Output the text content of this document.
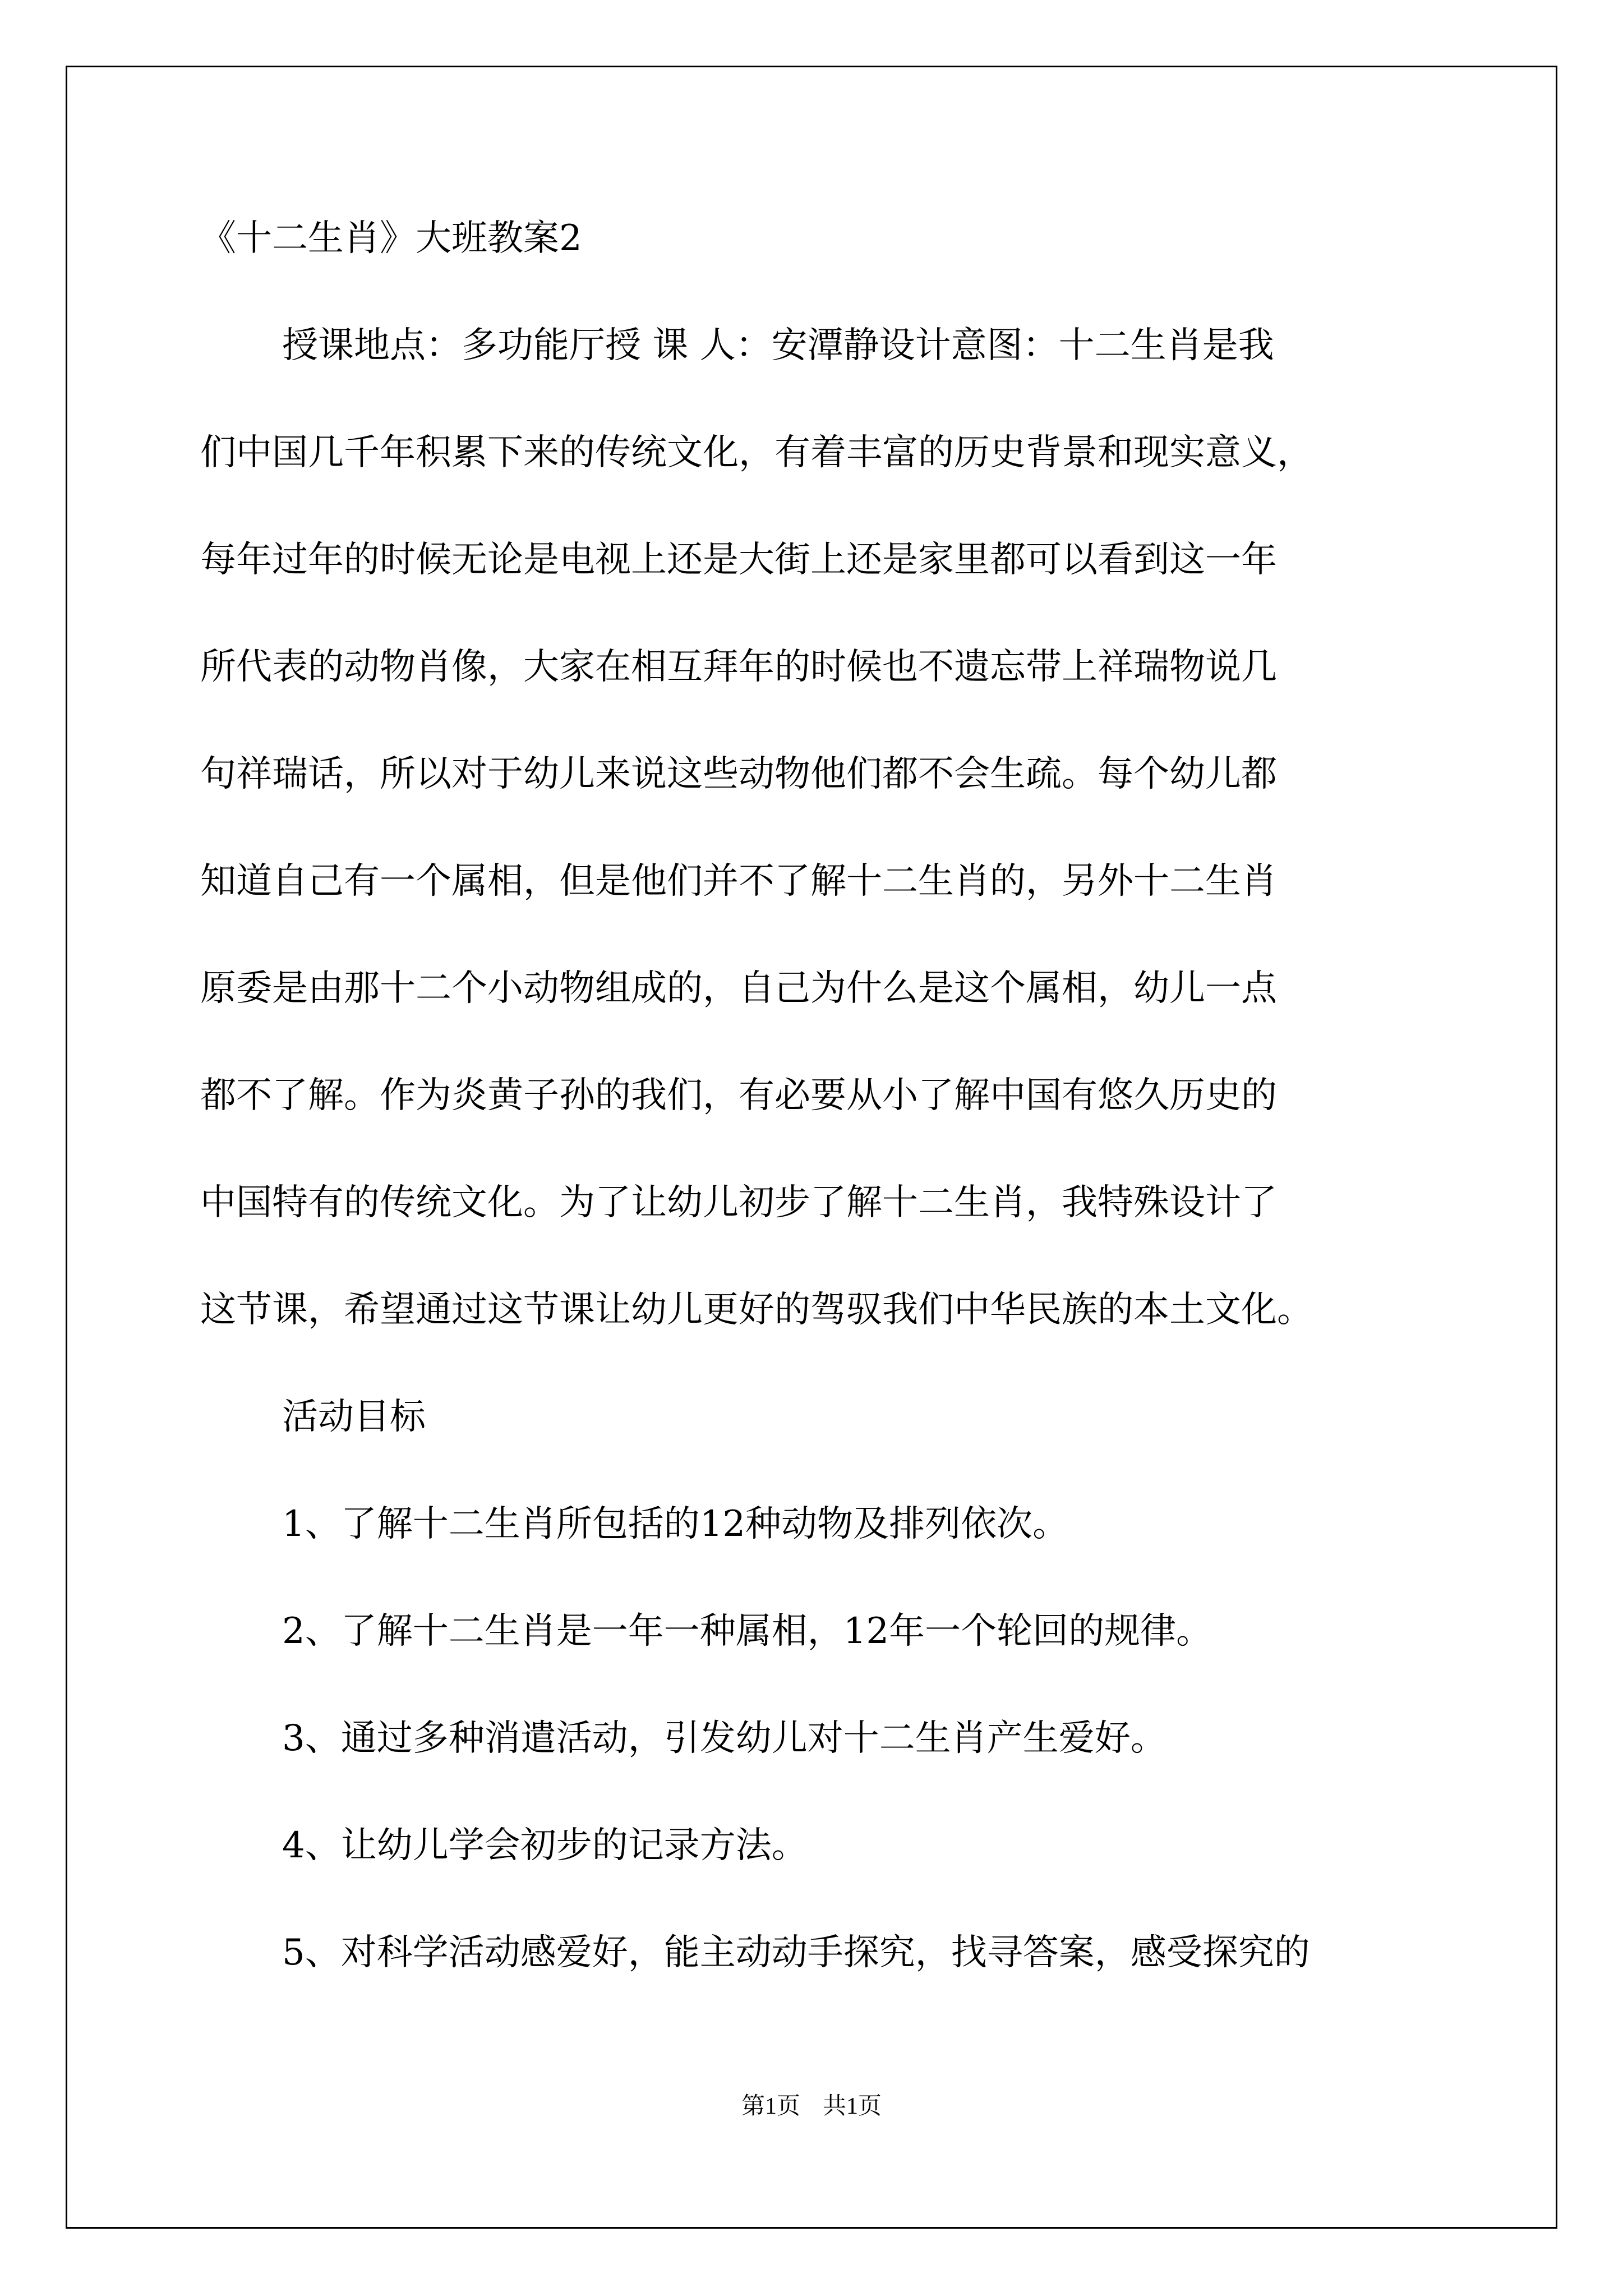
《十二生肖》大班教案2

授课地点：多功能厅授 课 人：安潭静设计意图：十二生肖是我
们中国几千年积累下来的传统文化，有着丰富的历史背景和现实意义，
每年过年的时候无论是电视上还是大街上还是家里都可以看到这一年
所代表的动物肖像，大家在相互拜年的时候也不遗忘带上祥瑞物说几
句祥瑞话，所以对于幼儿来说这些动物他们都不会生疏。每个幼儿都
知道自己有一个属相，但是他们并不了解十二生肖的，另外十二生肖
原委是由那十二个小动物组成的，自己为什么是这个属相，幼儿一点
都不了解。作为炎黄子孙的我们，有必要从小了解中国有悠久历史的
中国特有的传统文化。为了让幼儿初步了解十二生肖，我特殊设计了
这节课，希望通过这节课让幼儿更好的驾驭我们中华民族的本土文化。

活动目标

1、了解十二生肖所包括的12种动物及排列依次。

2、了解十二生肖是一年一种属相，12年一个轮回的规律。

3、通过多种消遣活动，引发幼儿对十二生肖产生爱好。

4、让幼儿学会初步的记录方法。

5、对科学活动感爱好，能主动动手探究，找寻答案，感受探究的

第1页 共1页
